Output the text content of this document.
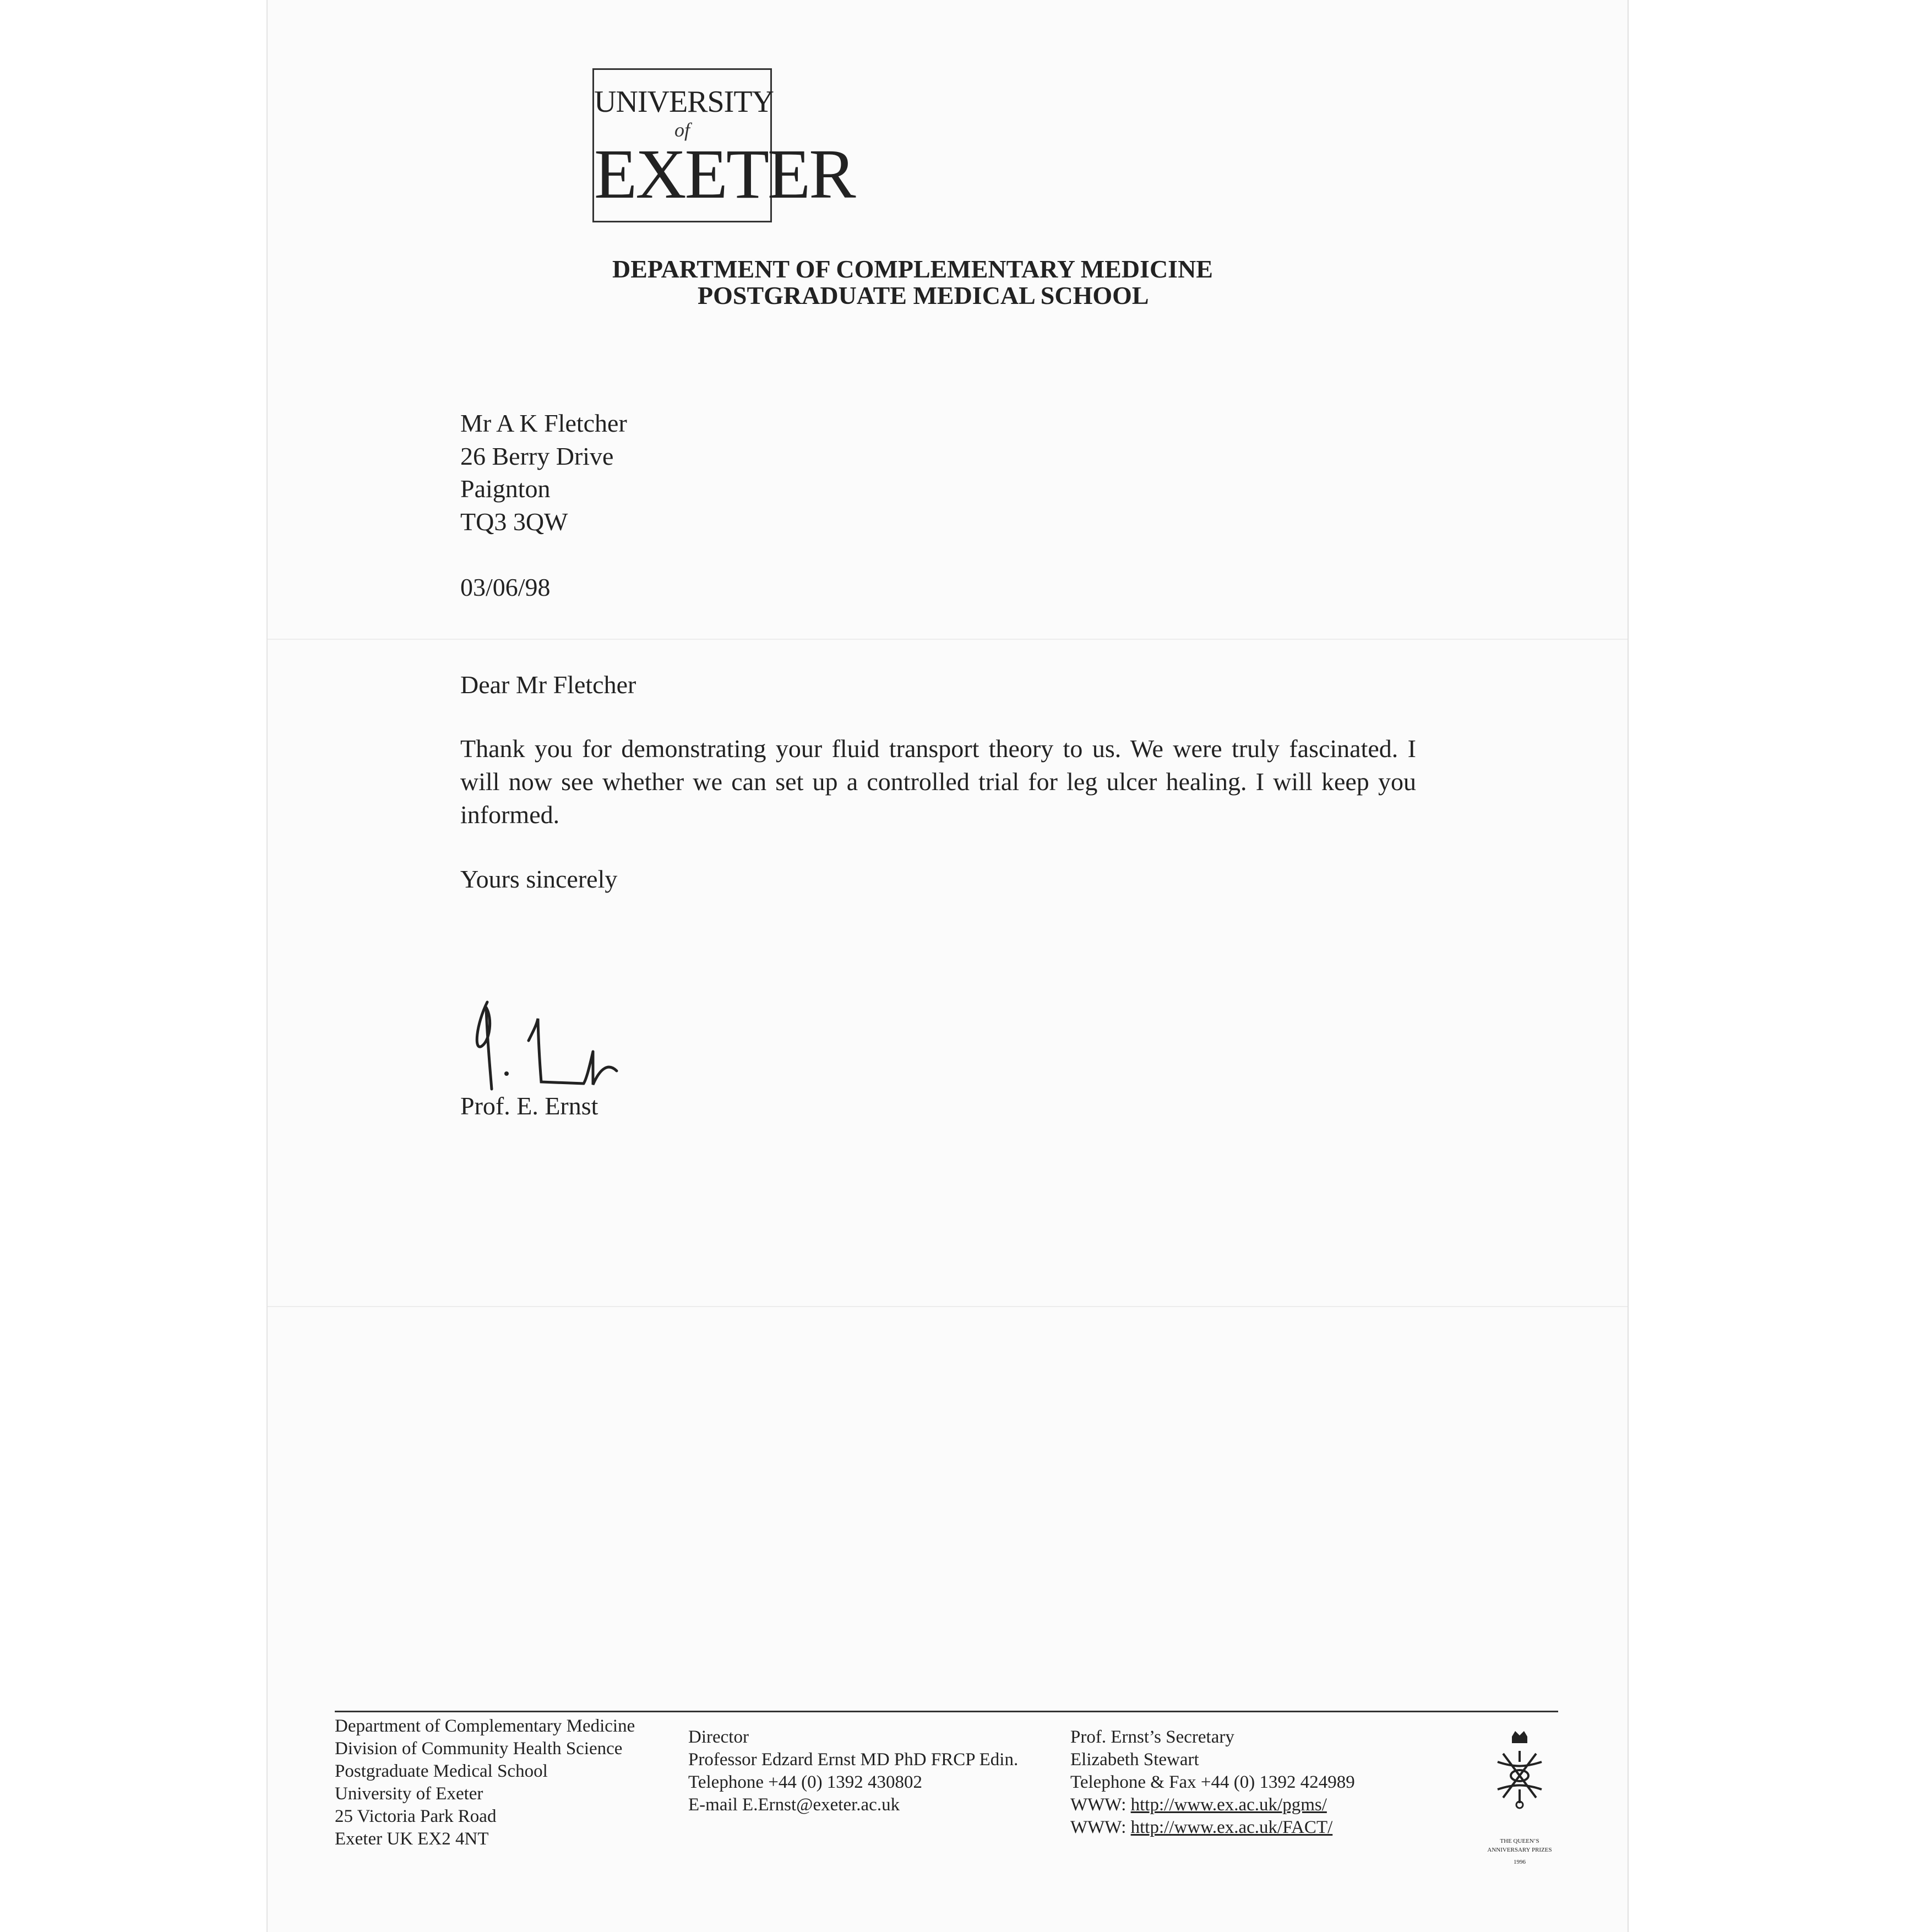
UNIVERSITY
of
EXETER
DEPARTMENT OF COMPLEMENTARY MEDICINE
POSTGRADUATE MEDICAL SCHOOL
Mr A K Fletcher
26 Berry Drive
Paignton
TQ3 3QW
03/06/98
Dear Mr Fletcher
Thank you for demonstrating your fluid transport theory to us. We were truly fascinated. I will now see whether we can set up a controlled trial for leg ulcer healing. I will keep you informed.
Yours sincerely
Prof. E. Ernst
Department of Complementary Medicine
Division of Community Health Science
Postgraduate Medical School
University of Exeter
25 Victoria Park Road
Exeter UK EX2 4NT
Director
Professor Edzard Ernst MD PhD FRCP Edin.
Telephone +44 (0) 1392 430802
E-mail E.Ernst@exeter.ac.uk
Prof. Ernst’s Secretary
Elizabeth Stewart
Telephone & Fax +44 (0) 1392 424989
WWW: http://www.ex.ac.uk/pgms/
WWW: http://www.ex.ac.uk/FACT/
THE QUEEN’S
ANNIVERSARY PRIZES
1996
